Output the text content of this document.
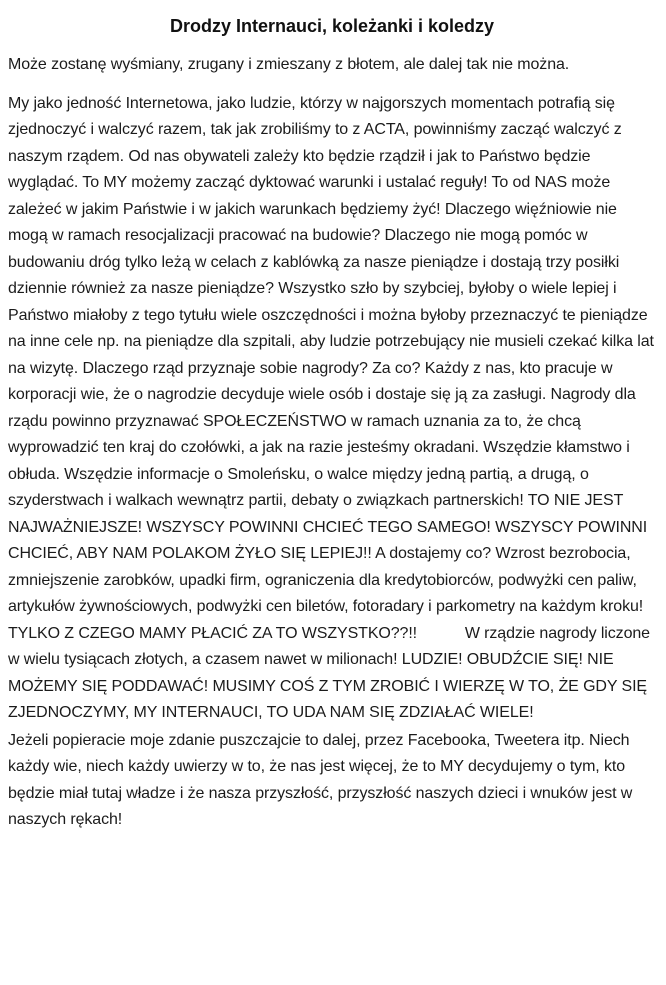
Drodzy Internauci, koleżanki i koledzy

Może zostanę wyśmiany, zrugany i zmieszany z błotem, ale dalej tak nie można.

My jako jedność Internetowa, jako ludzie, którzy w najgorszych momentach potrafią się zjednoczyć i walczyć razem, tak jak zrobiliśmy to z ACTA, powinniśmy zacząć walczyć z naszym rządem. Od nas obywateli zależy kto będzie rządził i jak to Państwo będzie wyglądać. To MY możemy zacząć dyktować warunki i ustalać reguły! To od NAS może zależeć w jakim Państwie i w jakich warunkach będziemy żyć! Dlaczego więźniowie nie mogą w ramach resocjalizacji pracować na budowie? Dlaczego nie mogą pomóc w budowaniu dróg tylko leżą w celach z kablówką za nasze pieniądze i dostają trzy posiłki dziennie również za nasze pieniądze? Wszystko szło by szybciej, byłoby o wiele lepiej i Państwo miałoby z tego tytułu wiele oszczędności i można byłoby przeznaczyć te pieniądze na inne cele np. na pieniądze dla szpitali, aby ludzie potrzebujący nie musieli czekać kilka lat na wizytę. Dlaczego rząd przyznaje sobie nagrody? Za co? Każdy z nas, kto pracuje w korporacji wie, że o nagrodzie decyduje wiele osób i dostaje się ją za zasługi. Nagrody dla rządu powinno przyznawać SPOŁECZEŃSTWO w ramach uznania za to, że chcą wyprowadzić ten kraj do czołówki, a jak na razie jesteśmy okradani. Wszędzie kłamstwo i obłuda. Wszędzie informacje o Smoleńsku, o walce między jedną partią, a drugą, o szyderstwach i walkach wewnątrz partii, debaty o związkach partnerskich! TO NIE JEST NAJWAŻNIEJSZE! WSZYSCY POWINNI CHCIEĆ TEGO SAMEGO! WSZYSCY POWINNI CHCIEĆ, ABY NAM POLAKOM ŻYŁO SIĘ LEPIEJ!! A dostajemy co? Wzrost bezrobocia, zmniejszenie zarobków, upadki firm, ograniczenia dla kredytobiorców, podwyżki cen paliw, artykułów żywnościowych, podwyżki cen biletów, fotoradary i parkometry na każdym kroku! TYLKO Z CZEGO MAMY PŁACIĆ ZA TO WSZYSTKO??!!           W rządzie nagrody liczone w wielu tysiącach złotych, a czasem nawet w milionach! LUDZIE! OBUDŹCIE SIĘ! NIE MOŻEMY SIĘ PODDAWAĆ! MUSIMY COŚ Z TYM ZROBIĆ I WIERZĘ W TO, ŻE GDY SIĘ ZJEDNOCZYMY, MY INTERNAUCI, TO UDA NAM SIĘ ZDZIAŁAĆ WIELE!

Jeżeli popieracie moje zdanie puszczajcie to dalej, przez Facebooka, Tweetera itp. Niech każdy wie, niech każdy uwierzy w to, że nas jest więcej, że to MY decydujemy o tym, kto będzie miał tutaj władze i że nasza przyszłość, przyszłość naszych dzieci i wnuków jest w naszych rękach!
